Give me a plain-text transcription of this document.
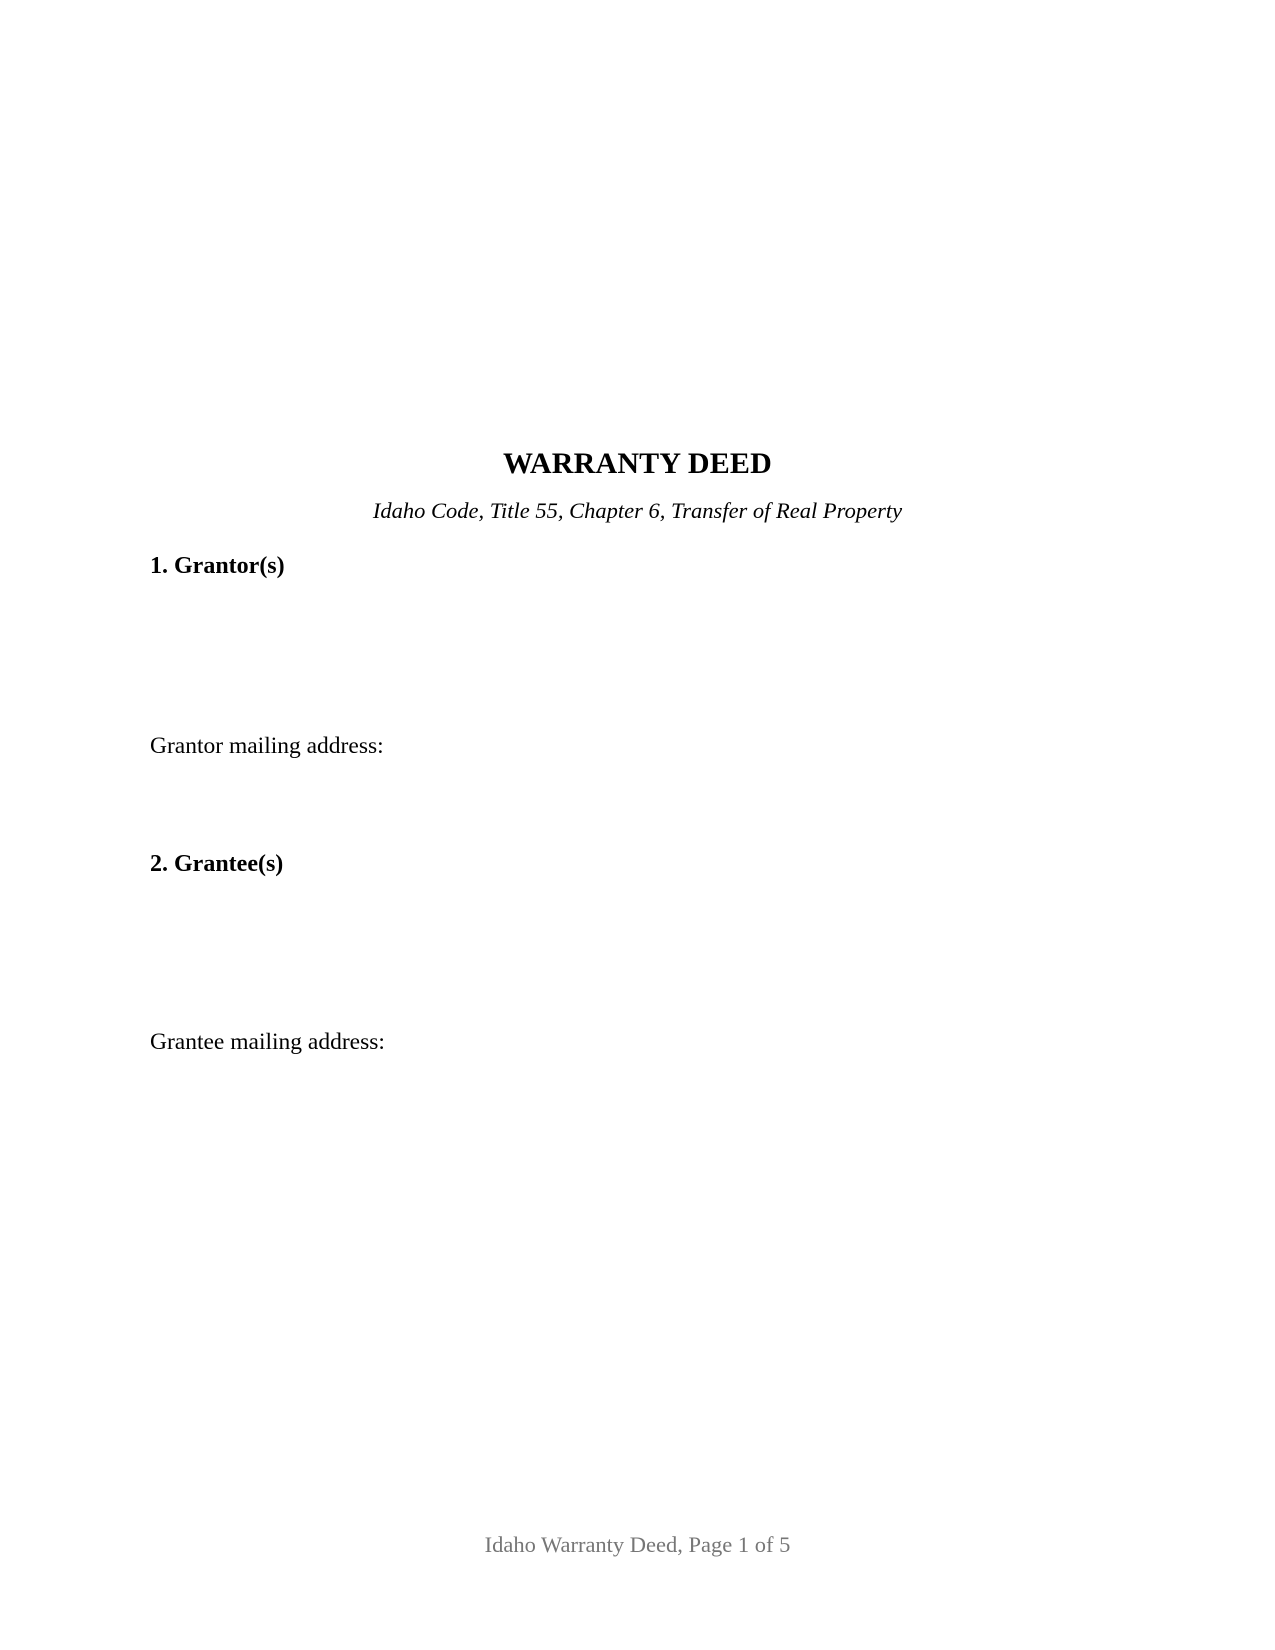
WARRANTY DEED
Idaho Code, Title 55, Chapter 6, Transfer of Real Property
1. Grantor(s)
Grantor mailing address:
2. Grantee(s)
Grantee mailing address:
Idaho Warranty Deed, Page 1 of 5
